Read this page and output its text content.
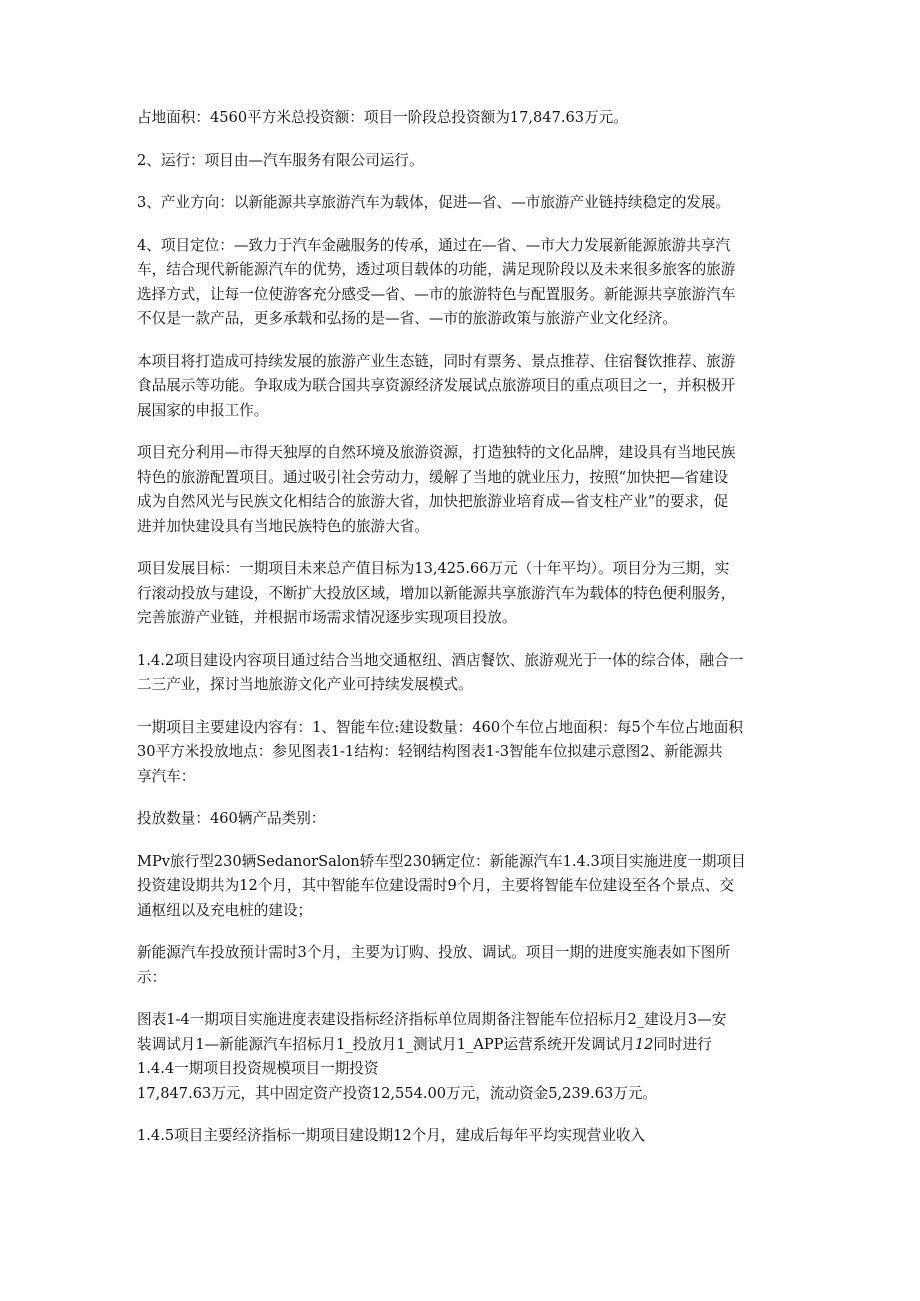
占地面积：4560平方米总投资额：项目一阶段总投资额为17,847.63万元。

2、运行：项目由—汽车服务有限公司运行。

3、产业方向：以新能源共享旅游汽车为载体，促进—省、—市旅游产业链持续稳定的发展。

4、项目定位：—致力于汽车金融服务的传承，通过在—省、—市大力发展新能源旅游共享汽
车，结合现代新能源汽车的优势，透过项目载体的功能，满足现阶段以及未来很多旅客的旅游
选择方式，让每一位使游客充分感受—省、—市的旅游特色与配置服务。新能源共享旅游汽车
不仅是一款产品，更多承载和弘扬的是—省、—市的旅游政策与旅游产业文化经济。

本项目将打造成可持续发展的旅游产业生态链，同时有票务、景点推荐、住宿餐饮推荐、旅游
食品展示等功能。争取成为联合国共享资源经济发展试点旅游项目的重点项目之一，并积极开
展国家的申报工作。

项目充分利用—市得天独厚的自然环境及旅游资源，打造独特的文化品牌，建设具有当地民族
特色的旅游配置项目。通过吸引社会劳动力，缓解了当地的就业压力，按照“加快把—省建设
成为自然风光与民族文化相结合的旅游大省，加快把旅游业培育成—省支柱产业”的要求，促
进并加快建设具有当地民族特色的旅游大省。

项目发展目标：一期项目未来总产值目标为13,425.66万元（十年平均）。项目分为三期，实
行滚动投放与建设，不断扩大投放区域，增加以新能源共享旅游汽车为载体的特色便利服务，
完善旅游产业链，并根据市场需求情况逐步实现项目投放。

1.4.2项目建设内容项目通过结合当地交通枢纽、酒店餐饮、旅游观光于一体的综合体，融合一
二三产业，探讨当地旅游文化产业可持续发展模式。

一期项目主要建设内容有：1、智能车位:建设数量：460个车位占地面积：每5个车位占地面积
30平方米投放地点：参见图表1-1结构：轻钢结构图表1-3智能车位拟建示意图2、新能源共
享汽车：

投放数量：460辆产品类别：

MPv旅行型230辆SedanorSalon轿车型230辆定位：新能源汽车1.4.3项目实施进度一期项目
投资建设期共为12个月，其中智能车位建设需时9个月，主要将智能车位建设至各个景点、交
通枢纽以及充电桩的建设；

新能源汽车投放预计需时3个月，主要为订购、投放、调试。项目一期的进度实施表如下图所
示：

图表1-4一期项目实施进度表建设指标经济指标单位周期备注智能车位招标月2_建设月3—安
装调试月1—新能源汽车招标月1_投放月1_测试月1_APP运营系统开发调试月12同时进行
1.4.4一期项目投资规模项目一期投资
17,847.63万元，其中固定资产投资12,554.00万元，流动资金5,239.63万元。

1.4.5项目主要经济指标一期项目建设期12个月，建成后每年平均实现营业收入
